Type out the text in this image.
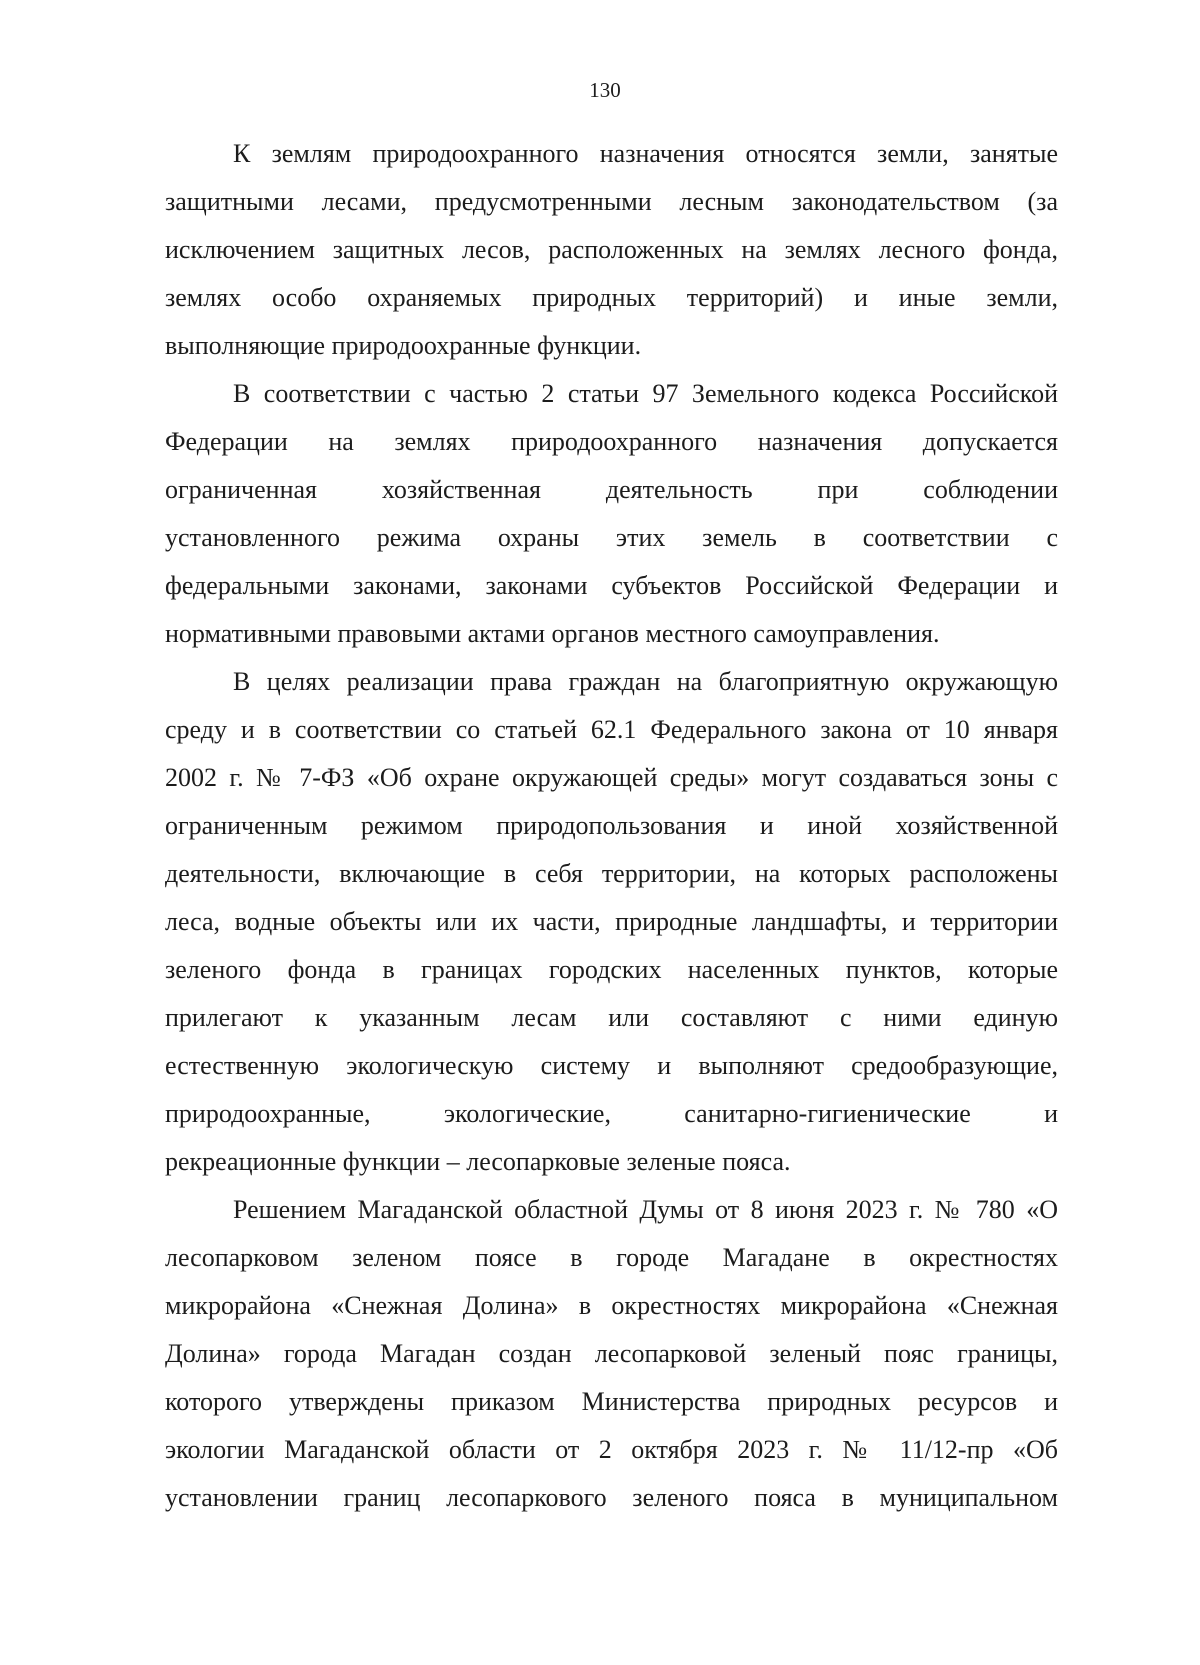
130
К землям природоохранного назначения относятся земли, занятые
защитными лесами, предусмотренными лесным законодательством (за
исключением защитных лесов, расположенных на землях лесного фонда,
землях особо охраняемых природных территорий) и иные земли,
выполняющие природоохранные функции.
В соответствии с частью 2 статьи 97 Земельного кодекса Российской
Федерации на землях природоохранного назначения допускается
ограниченная хозяйственная деятельность при соблюдении
установленного режима охраны этих земель в соответствии с
федеральными законами, законами субъектов Российской Федерации и
нормативными правовыми актами органов местного самоуправления.
В целях реализации права граждан на благоприятную окружающую
среду и в соответствии со статьей 62.1 Федерального закона от 10 января
2002 г. № 7-ФЗ «Об охране окружающей среды» могут создаваться зоны с
ограниченным режимом природопользования и иной хозяйственной
деятельности, включающие в себя территории, на которых расположены
леса, водные объекты или их части, природные ландшафты, и территории
зеленого фонда в границах городских населенных пунктов, которые
прилегают к указанным лесам или составляют с ними единую
естественную экологическую систему и выполняют средообразующие,
природоохранные, экологические, санитарно-гигиенические и
рекреационные функции – лесопарковые зеленые пояса.
Решением Магаданской областной Думы от 8 июня 2023 г. № 780 «О
лесопарковом зеленом поясе в городе Магадане в окрестностях
микрорайона «Снежная Долина» в окрестностях микрорайона «Снежная
Долина» города Магадан создан лесопарковой зеленый пояс границы,
которого утверждены приказом Министерства природных ресурсов и
экологии Магаданской области от 2 октября 2023 г. № 11/12-пр «Об
установлении границ лесопаркового зеленого пояса в муниципальном
